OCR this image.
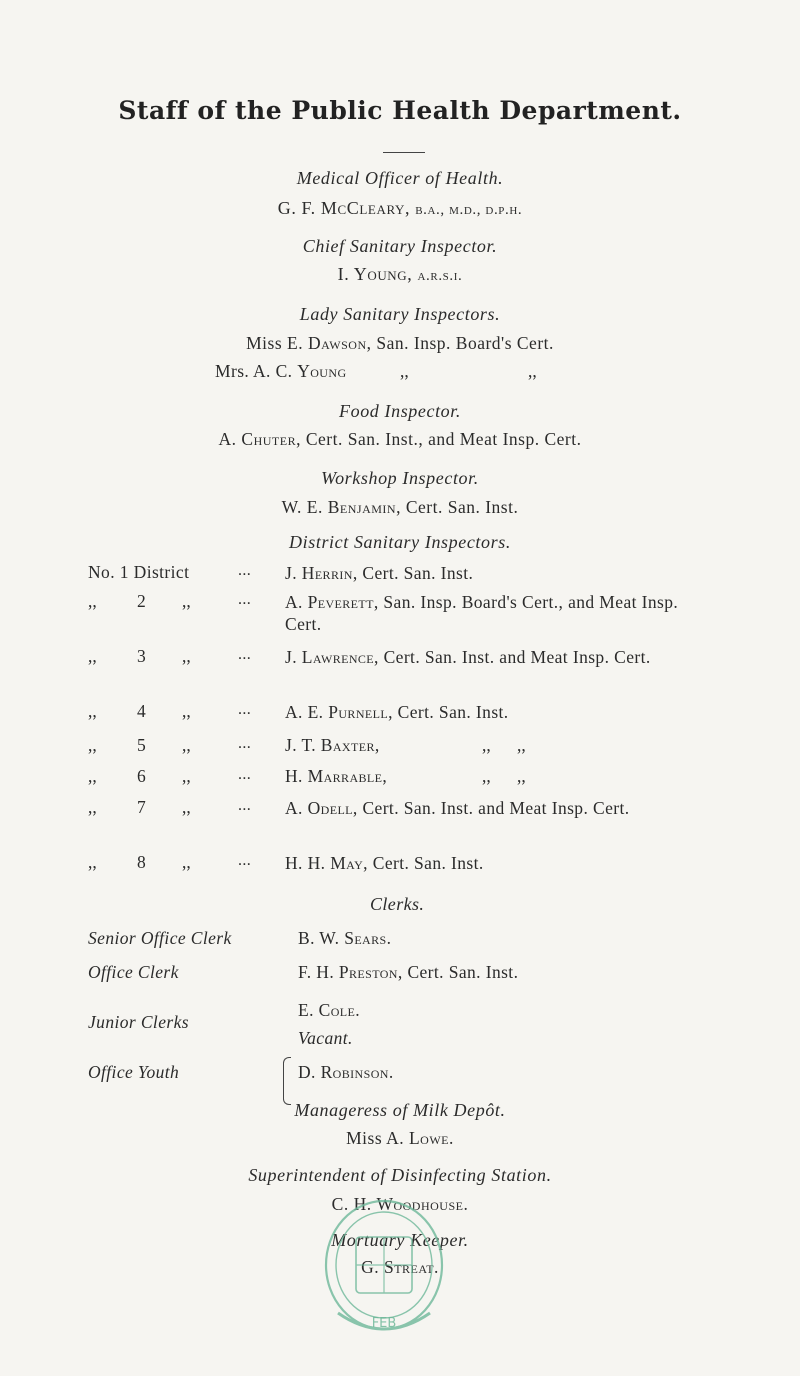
Staff of the Public Health Department.
Medical Officer of Health.
G. F. McCleary, b.a., m.d., d.p.h.
Chief Sanitary Inspector.
I. Young, a.r.s.i.
Lady Sanitary Inspectors.
Miss E. Dawson, San. Insp. Board's Cert.
Mrs. A. C. Young	,,	,,
Food Inspector.
A. Chuter, Cert. San. Inst., and Meat Insp. Cert.
Workshop Inspector.
W. E. Benjamin, Cert. San. Inst.
District Sanitary Inspectors.
No. 1 District	... J. Herrin, Cert. San. Inst.
,, 2 ,,	... A. Peverett, San. Insp. Board's Cert., and Meat Insp. Cert.
,, 3 ,,	... J. Lawrence, Cert. San. Inst. and Meat Insp. Cert.
,, 4 ,,	... A. E. Purnell, Cert. San. Inst.
,, 5 ,,	... J. T. Baxter,	,,      ,,
,, 6 ,,	... H. Marrable,	,,      ,,
,, 7 ,,	... A. Odell, Cert. San. Inst. and Meat Insp. Cert.
,, 8 ,,	... H. H. May, Cert. San. Inst.
Clerks.
Senior Office Clerk	B. W. Sears.
Office Clerk	F. H. Preston, Cert. San. Inst.
Junior Clerks
E. Cole.
Vacant.
Office Youth	D. Robinson.
Manageress of Milk Depôt.
Miss A. Lowe.
Superintendent of Disinfecting Station.
C. H. Woodhouse.
Mortuary Keeper.
G. Streat.
FEB
